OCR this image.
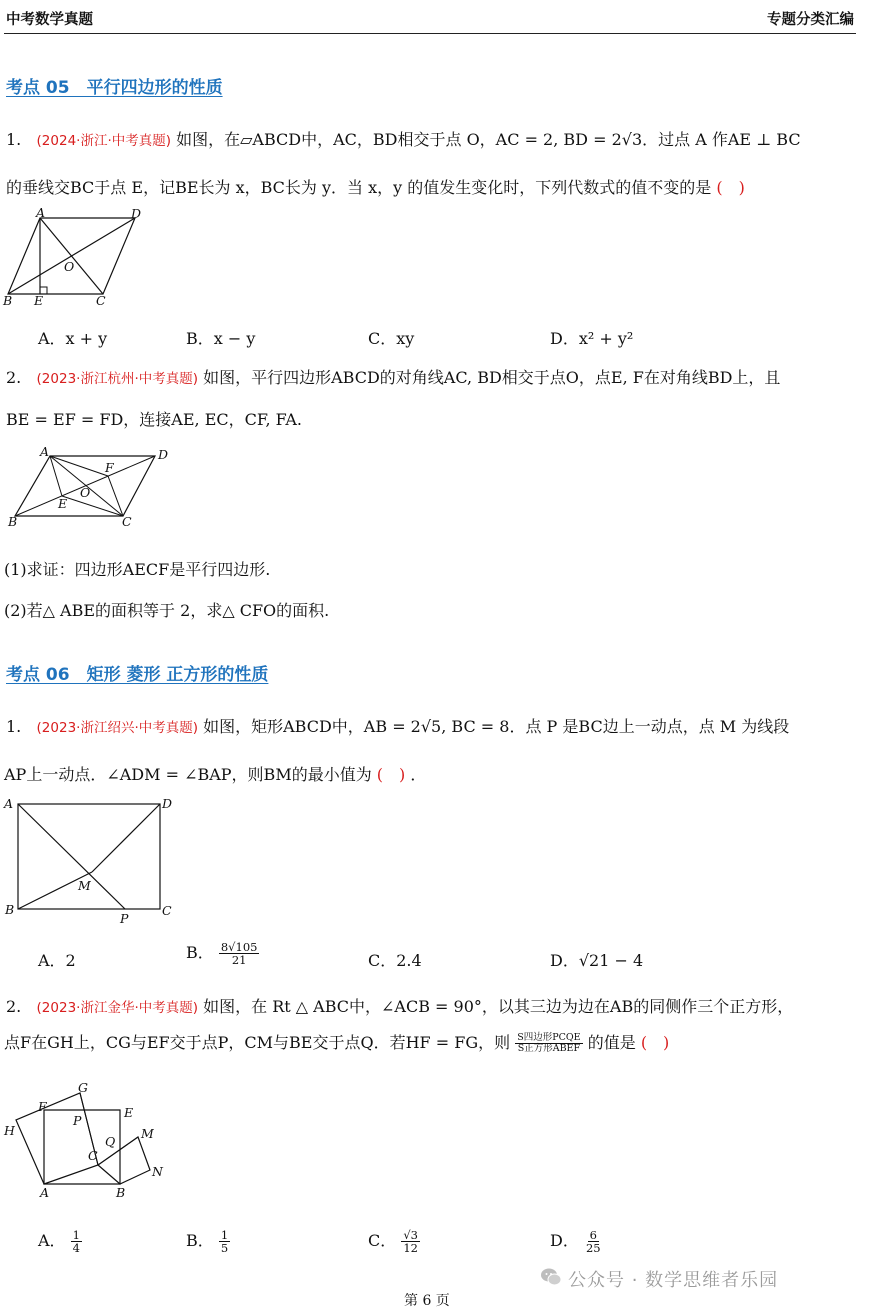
中考数学真题	专题分类汇编
考点 05　平行四边形的性质
1. (2024·浙江·中考真题) 如图，在▱ABCD中，AC，BD相交于点 O，AC = 2, BD = 2√3．过点 A 作AE ⊥ BC
的垂线交BC于点 E，记BE长为 x，BC长为 y．当 x，y 的值发生变化时，下列代数式的值不变的是 (　)
A	D
O
B E	C
A．x + y	B．x − y	C．xy	D．x² + y²
2. (2023·浙江杭州·中考真题) 如图，平行四边形ABCD的对角线AC, BD相交于点O，点E, F在对角线BD上，且
BE = EF = FD，连接AE, EC，CF, FA.
A	D
F
O
E
B	C
(1)求证：四边形AECF是平行四边形.
(2)若△ ABE的面积等于 2，求△ CFO的面积.
考点 06　矩形 菱形 正方形的性质
1. (2023·浙江绍兴·中考真题) 如图，矩形ABCD中，AB = 2√5, BC = 8．点 P 是BC边上一动点，点 M 为线段
AP上一动点．∠ADM = ∠BAP，则BM的最小值为 (　) ．
A	D
M
B
P
C
A．2	B． $\frac{8√105}{21}$	C．2.4	D．√21 − 4
2. (2023·浙江金华·中考真题) 如图，在 Rt △ ABC中，∠ACB = 90°，以其三边为边在AB的同侧作三个正方形，
点F在GH上，CG与EF交于点P，CM与BE交于点Q．若HF = FG，则 $\frac{\text{S四边形PCQE}}{\text{S正方形ABEF}}$ 的值是 (　)
G
F	E
H
P
M
Q
C
N
A	B
A． $\frac{1}{4}$	B． $\frac{1}{5}$	C． $\frac{√3}{12}$	D． $\frac{6}{25}$
公众号 · 数学思维者乐园
第 6 页
